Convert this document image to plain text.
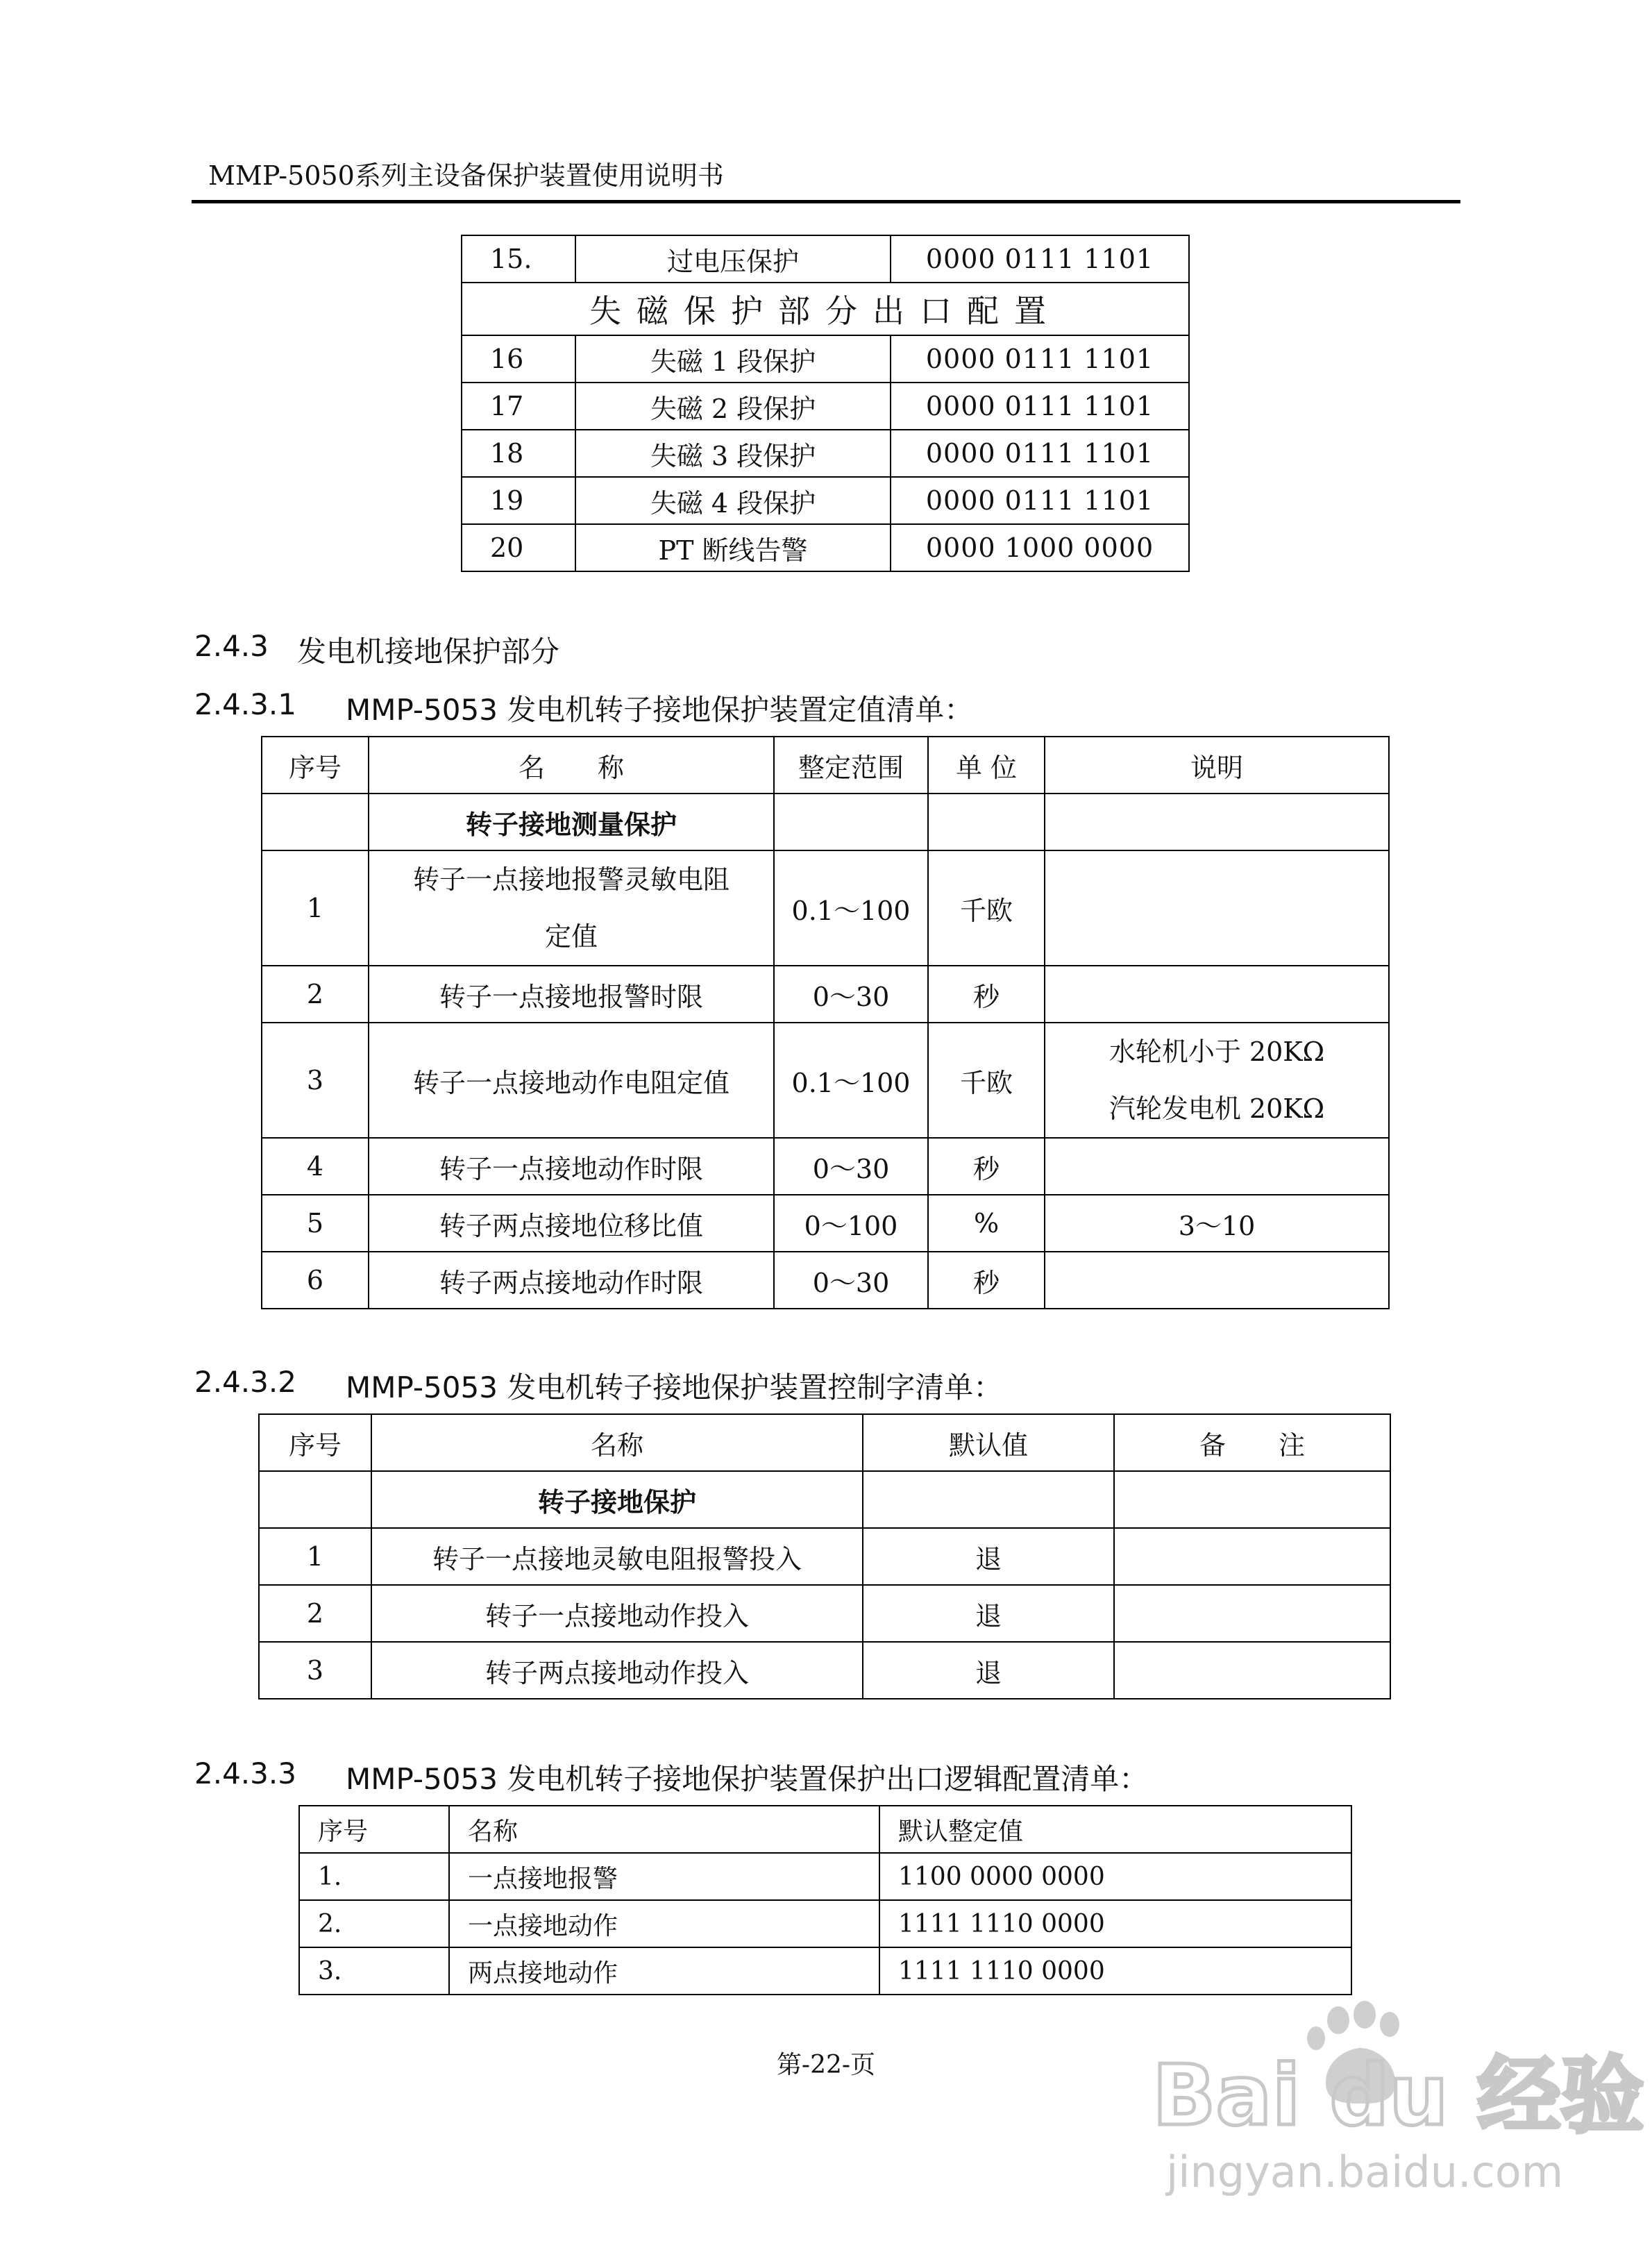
MMP-5050系列主设备保护装置使用说明书
15.	过电压保护	0000 0111 1101
失磁保护部分出口配置		
16	失磁 1 段保护	0000 0111 1101
17	失磁 2 段保护	0000 0111 1101
18	失磁 3 段保护	0000 0111 1101
19	失磁 4 段保护	0000 0111 1101
20	PT 断线告警	0000 1000 0000
2.4.3 发电机接地保护部分
2.4.3.1 MMP-5053 发电机转子接地保护装置定值清单：
序号	名　　称	整定范围	单 位	说明
	转子接地测量保护			
1	转子一点接地报警灵敏电阻
定值	0.1～100	千欧	
2	转子一点接地报警时限	0～30	秒	
3	转子一点接地动作电阻定值	0.1～100	千欧	水轮机小于 20KΩ
汽轮发电机 20KΩ

4	转子一点接地动作时限	0～30	秒	
5	转子两点接地位移比值	0～100	%	3～10
6	转子两点接地动作时限	0～30	秒	
2.4.3.2 MMP-5053 发电机转子接地保护装置控制字清单：
序号	名称	默认值	备　　注
	转子接地保护		
1	转子一点接地灵敏电阻报警投入	退	
2	转子一点接地动作投入	退	
3	转子两点接地动作投入	退	
2.4.3.3 MMP-5053 发电机转子接地保护装置保护出口逻辑配置清单：
序号	名称	默认整定值
1.	一点接地报警	1100 0000 0000
2.	一点接地动作	1111 1110 0000
3.	两点接地动作	1111 1110 0000
第-22-页	Bai du 经验
jingyan.baidu.com
